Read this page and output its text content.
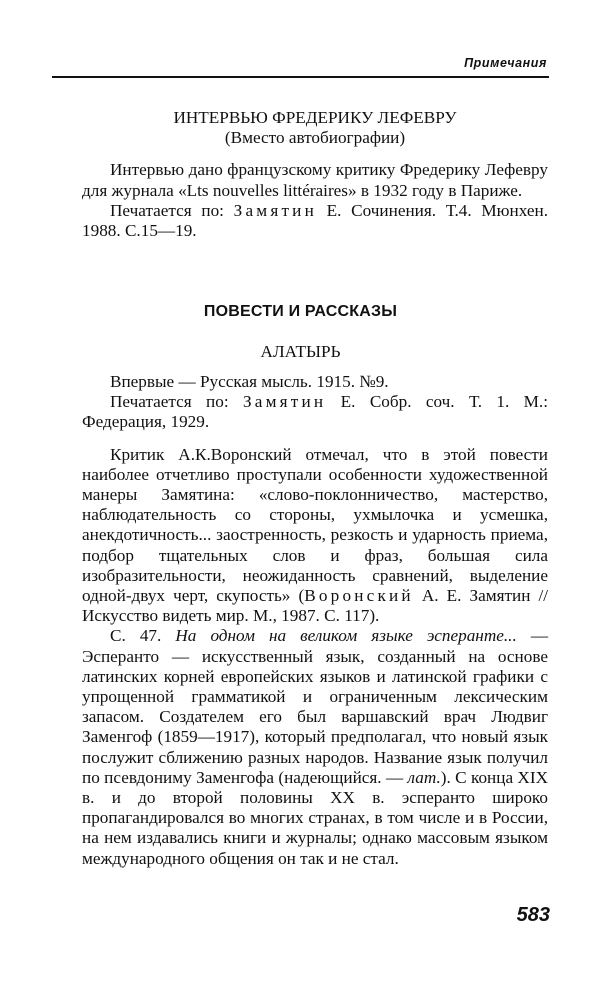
Примечания

ИНТЕРВЬЮ ФРЕДЕРИКУ ЛЕФЕВРУ

(Вместо автобиографии)

Интервью дано французскому критику Фредерику Лефевру для журнала «Lts nouvelles littéraires» в 1932 году в Париже.

Печатается по: Замятин Е. Сочинения. Т.4. Мюнхен. 1988. С.15—19.

ПОВЕСТИ И РАССКАЗЫ
АЛАТЫРЬ

Впервые — Русская мысль. 1915. №9.

Печатается по: Замятин Е. Собр. соч. Т. 1. М.: Федерация, 1929.

Критик А.К.Воронский отмечал, что в этой повести наиболее отчетливо проступали особенности художественной манеры Замятина: «слово-поклонничество, мастерство, наблюдательность со стороны, ухмылочка и усмешка, анекдотичность... заостренность, резкость и ударность приема, подбор тщательных слов и фраз, большая сила изобразительности, неожиданность сравнений, выделение одной-двух черт, скупость» (Воронский А. Е. Замятин // Искусство видеть мир. М., 1987. С. 117).

С. 47. На одном на великом языке эсперанте... — Эсперанто — искусственный язык, созданный на основе латинских корней европейских языков и латинской графики с упрощенной грамматикой и ограниченным лексическим запасом. Создателем его был варшавский врач Людвиг Заменгоф (1859—1917), который предполагал, что новый язык послужит сближению разных народов. Название язык получил по псевдониму Заменгофа (надеющийся. — лат.). С конца XIX в. и до второй половины XX в. эсперанто широко пропагандировался во многих странах, в том числе и в России, на нем издавались книги и журналы; однако массовым языком международного общения он так и не стал.

583
